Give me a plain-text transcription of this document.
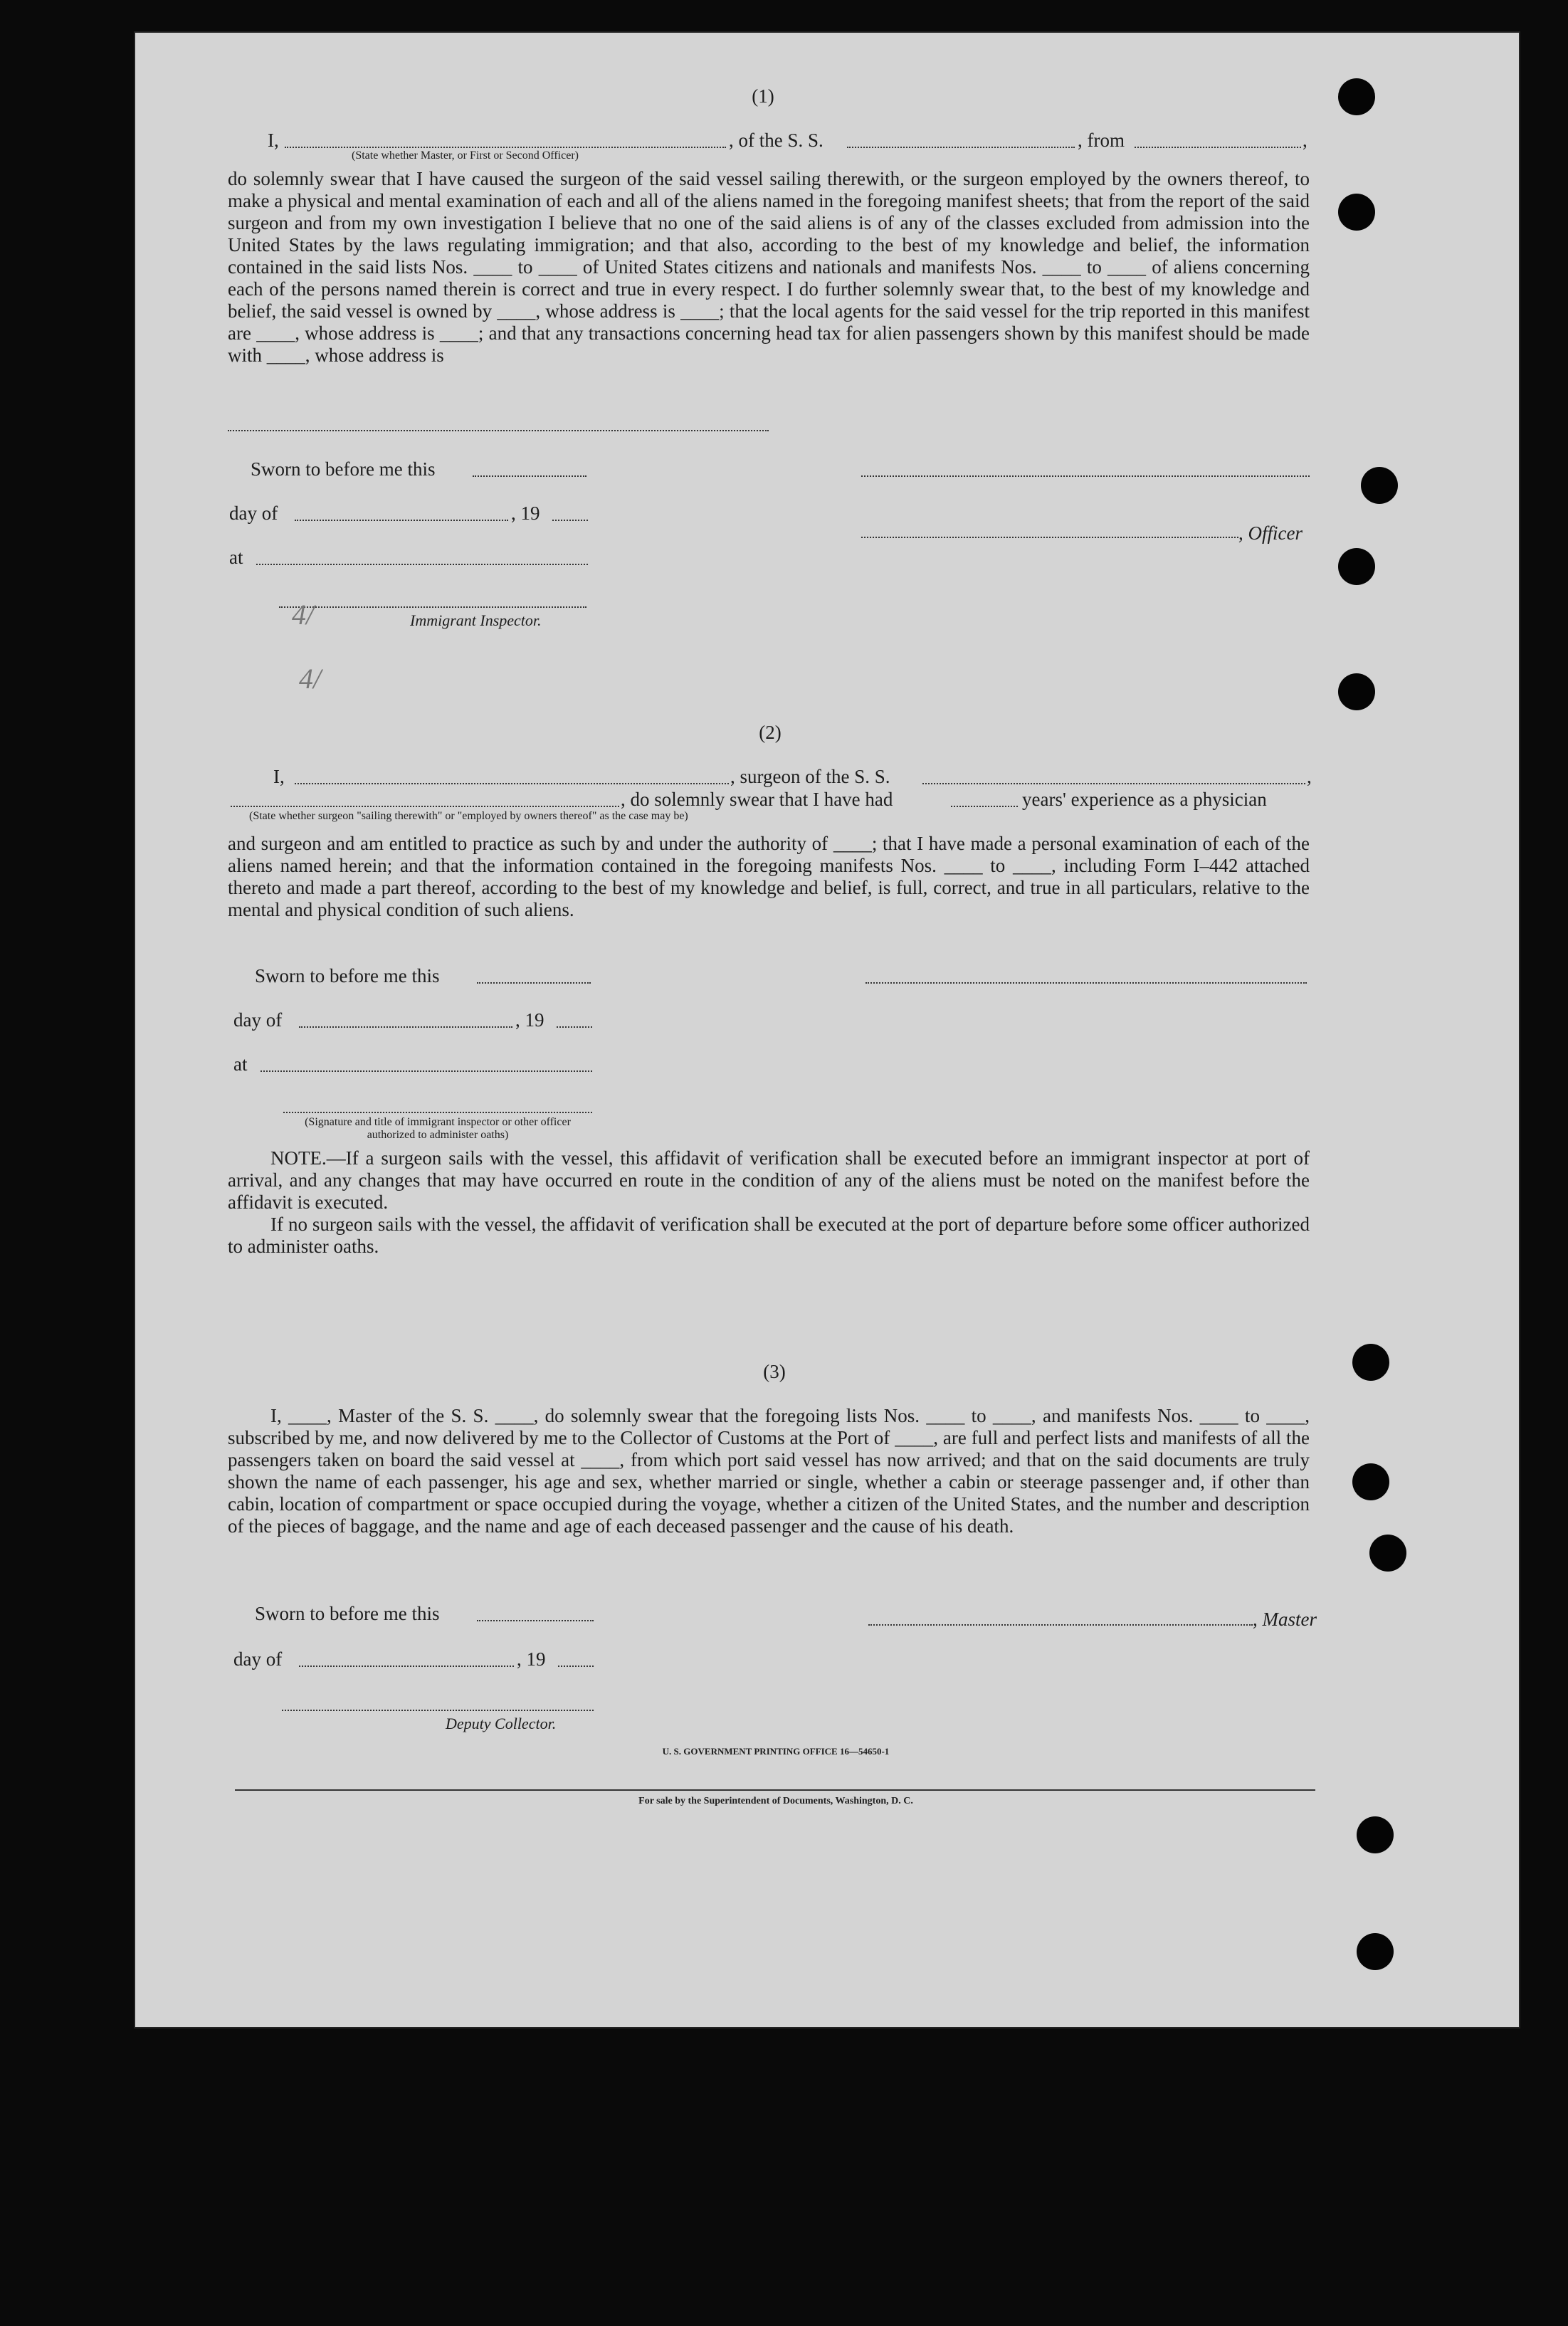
(1)
I,	, of the S. S.	, from	,
(State whether Master, or First or Second Officer)

do solemnly swear that I have caused the surgeon of the said vessel sailing therewith, or the surgeon employed by the owners thereof, to make a physical and mental examination of each and all of the aliens named in the foregoing manifest sheets; that from the report of the said surgeon and from my own investigation I believe that no one of the said aliens is of any of the classes excluded from admission into the United States by the laws regulating immigration; and that also, according to the best of my knowledge and belief, the information contained in the said lists Nos. ____ to ____ of United States citizens and nationals and manifests Nos. ____ to ____ of aliens concerning each of the persons named therein is correct and true in every respect. I do further solemnly swear that, to the best of my knowledge and belief, the said vessel is owned by ____, whose address is ____; that the local agents for the said vessel for the trip reported in this manifest are ____, whose address is ____; and that any transactions concerning head tax for alien passengers shown by this manifest should be made with ____, whose address is

Sworn to before me this
day of	, 19
, Officer
at
Immigrant Inspector.
4/
4/
(2)
I,	, surgeon of the S. S.	,
, do solemnly swear that I have had	years' experience as a physician
(State whether surgeon "sailing therewith" or "employed by owners thereof" as the case may be)

and surgeon and am entitled to practice as such by and under the authority of ____; that I have made a personal examination of each of the aliens named herein; and that the information contained in the foregoing manifests Nos. ____ to ____, including Form I–442 attached thereto and made a part thereof, according to the best of my knowledge and belief, is full, correct, and true in all particulars, relative to the mental and physical condition of such aliens.

Sworn to before me this
day of	, 19
at
(Signature and title of immigrant inspector or other officer authorized to administer oaths)

NOTE.—If a surgeon sails with the vessel, this affidavit of verification shall be executed before an immigrant inspector at port of arrival, and any changes that may have occurred en route in the condition of any of the aliens must be noted on the manifest before the affidavit is executed.

If no surgeon sails with the vessel, the affidavit of verification shall be executed at the port of departure before some officer authorized to administer oaths.

(3)

I, ____, Master of the S. S. ____, do solemnly swear that the foregoing lists Nos. ____ to ____, and manifests Nos. ____ to ____, subscribed by me, and now delivered by me to the Collector of Customs at the Port of ____, are full and perfect lists and manifests of all the passengers taken on board the said vessel at ____, from which port said vessel has now arrived; and that on the said documents are truly shown the name of each passenger, his age and sex, whether married or single, whether a cabin or steerage passenger and, if other than cabin, location of compartment or space occupied during the voyage, whether a citizen of the United States, and the number and description of the pieces of baggage, and the name and age of each deceased passenger and the cause of his death.

Sworn to before me this	, Master
day of	, 19
Deputy Collector.
U. S. GOVERNMENT PRINTING OFFICE 16—54650-1
For sale by the Superintendent of Documents, Washington, D. C.
